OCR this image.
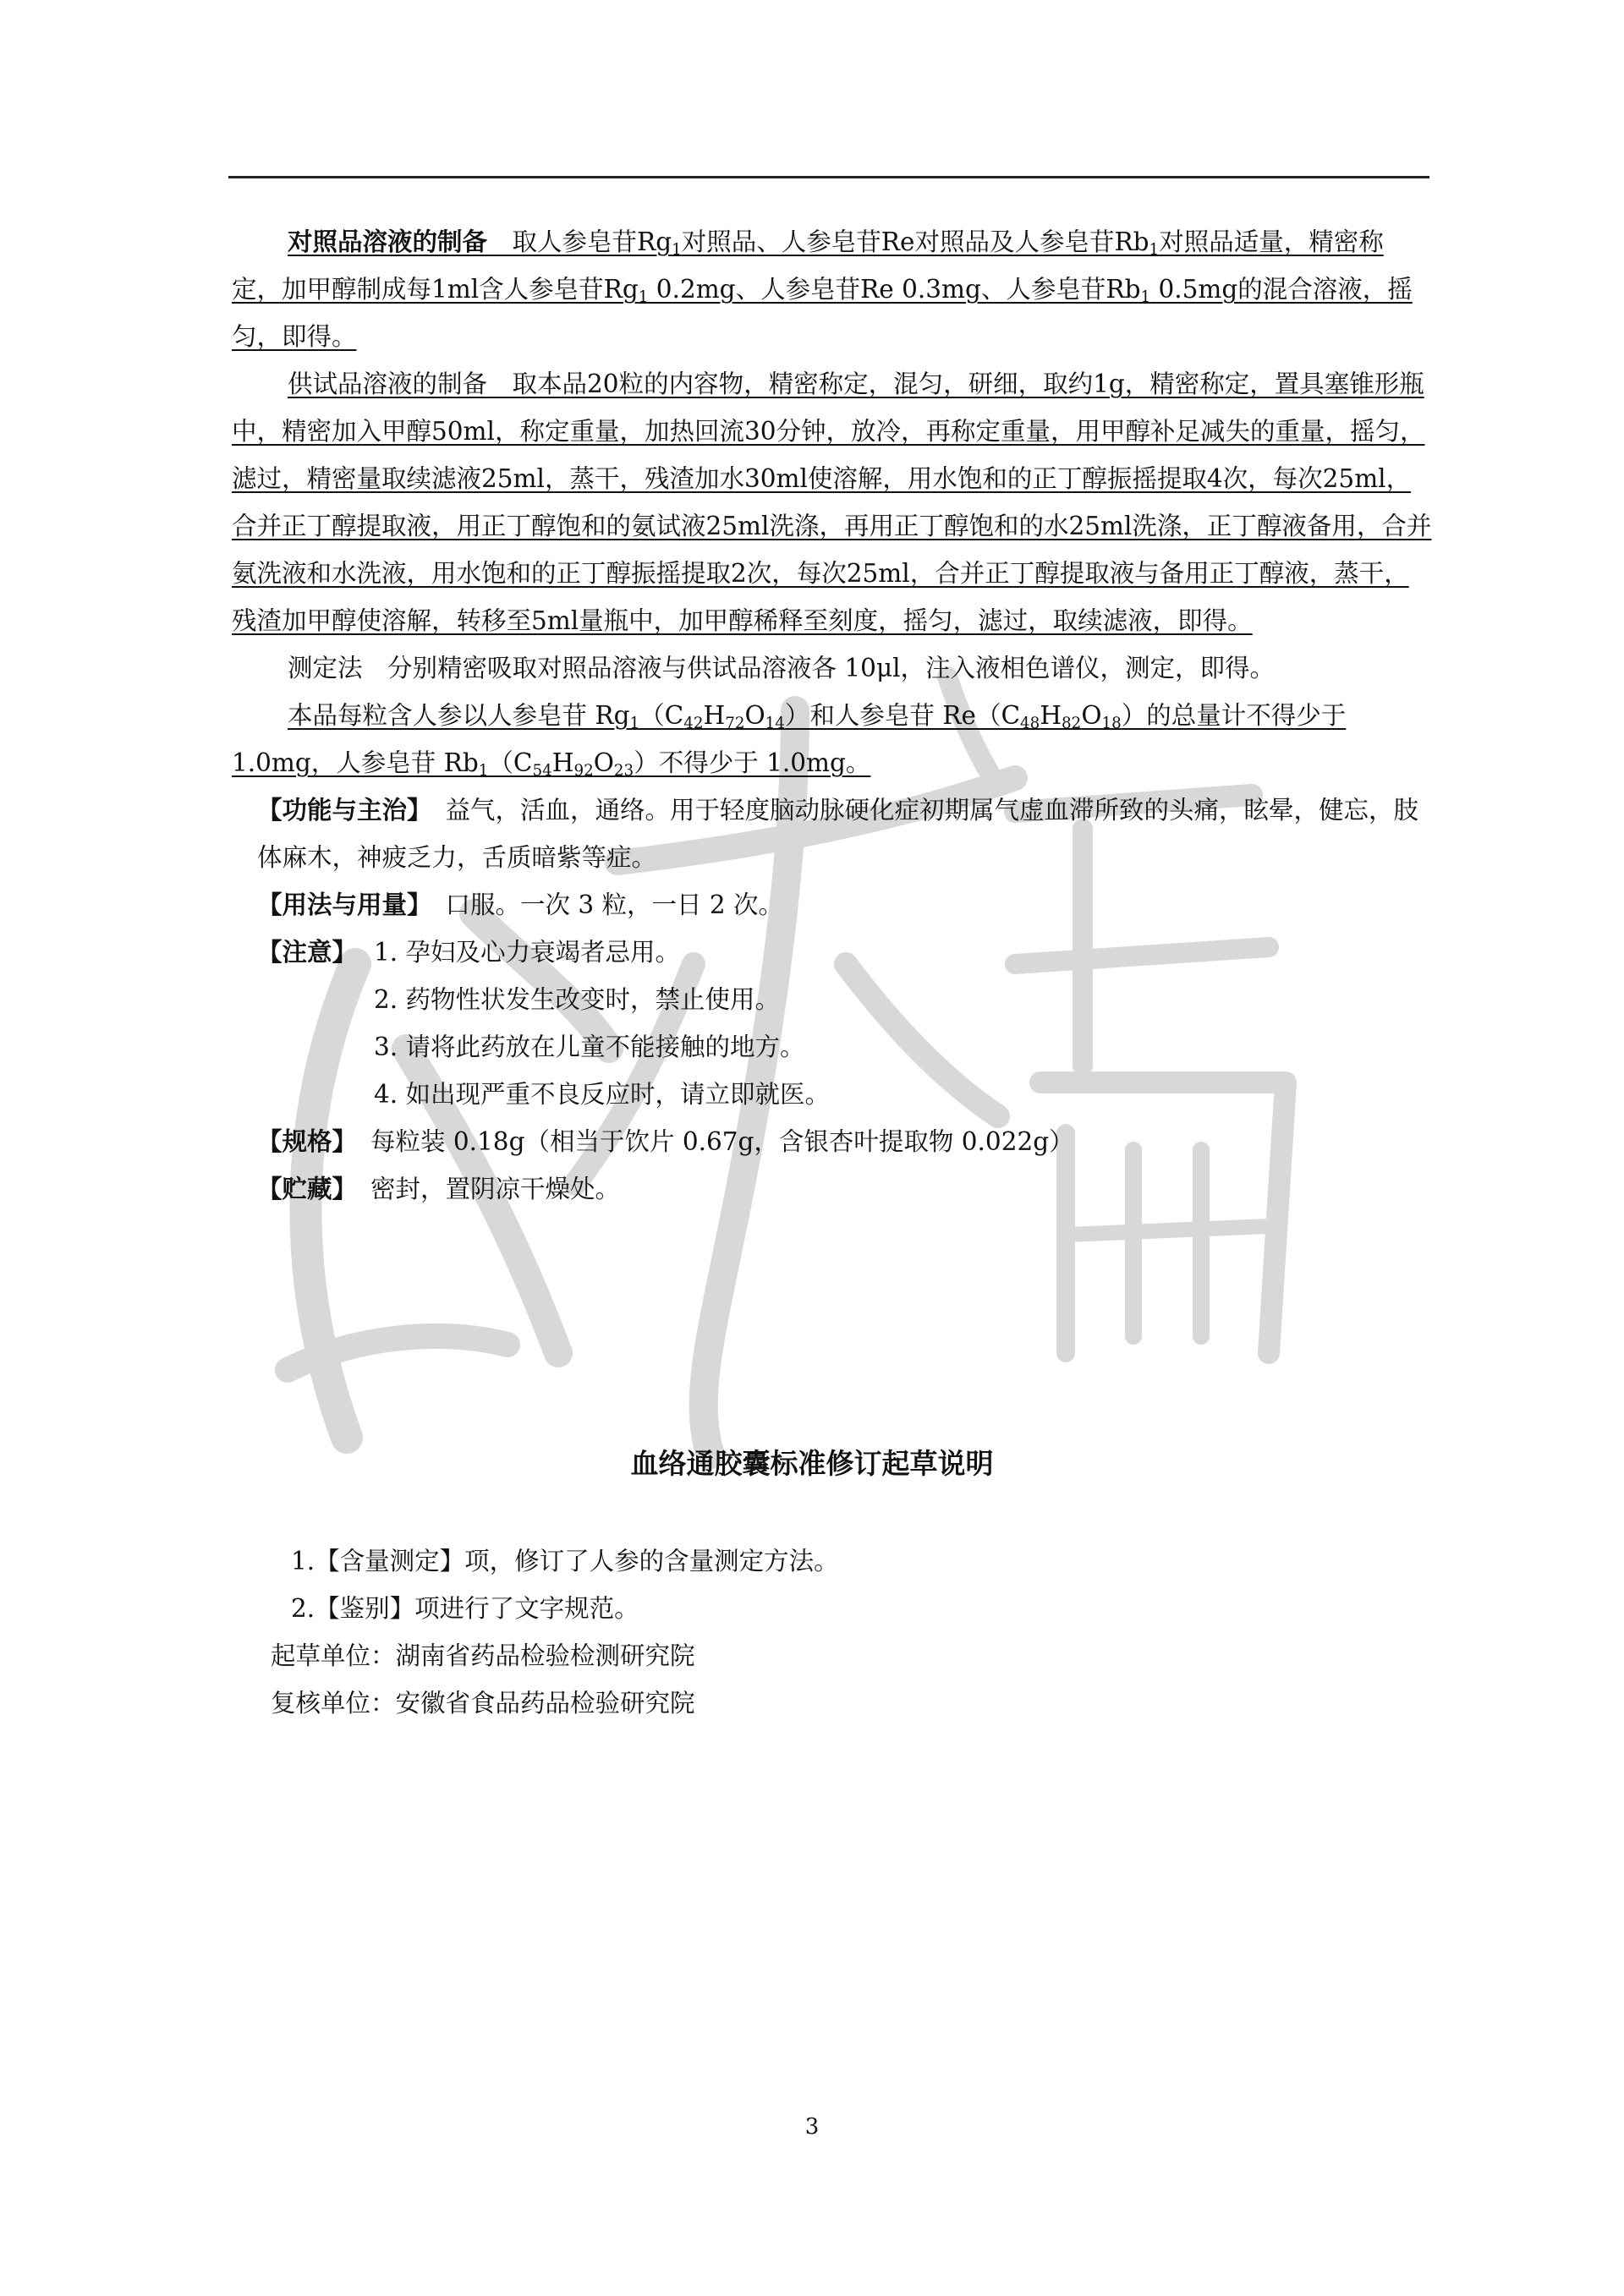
对照品溶液的制备　 取人参皂苷$Rg_1$对照品、人参皂苷Re对照品及人参皂苷$Rb_1$对照品适量，精密称定，加甲醇制成每1ml含人参皂苷$Rg_1$ 0.2mg、人参皂苷Re 0.3mg、人参皂苷$Rb_1$ 0.5mg的混合溶液，摇匀，即得。

供试品溶液的制备　 取本品20粒的内容物，精密称定，混匀，研细，取约1g，精密称定，置具塞锥形瓶中，精密加入甲醇50ml，称定重量，加热回流30分钟，放冷，再称定重量，用甲醇补足减失的重量，摇匀，滤过，精密量取续滤液25ml，蒸干，残渣加水30ml使溶解，用水饱和的正丁醇振摇提取4次，每次25ml，合并正丁醇提取液，用正丁醇饱和的氨试液25ml洗涤，再用正丁醇饱和的水25ml洗涤，正丁醇液备用，合并氨洗液和水洗液，用水饱和的正丁醇振摇提取2次，每次25ml，合并正丁醇提取液与备用正丁醇液，蒸干，残渣加甲醇使溶解，转移至5ml量瓶中，加甲醇稀释至刻度，摇匀，滤过，取续滤液，即得。

测定法　 分别精密吸取对照品溶液与供试品溶液各 10μl，注入液相色谱仪，测定，即得。

本品每粒含人参以人参皂苷 $Rg_1(C_{42}H_{72}O_{14})$和人参皂苷 $Re(C_{48}H_{82}O_{18})$的总量计不得少于1.0mg，人参皂苷 $Rb_1(C_{54}H_{92}O_{23})$不得少于 1.0mg。

【功能与主治】 益气，活血，通络。用于轻度脑动脉硬化症初期属气虚血滞所致的头痛，眩晕，健忘，肢体麻木，神疲乏力，舌质暗紫等症。

【用法与用量】 口服。一次 3 粒，一日 2 次。

【注意】 1. 孕妇及心力衰竭者忌用。

2. 药物性状发生改变时，禁止使用。

3. 请将此药放在儿童不能接触的地方。

4. 如出现严重不良反应时，请立即就医。

【规格】 每粒装 0.18g（相当于饮片 0.67g，含银杏叶提取物 0.022g）

【贮藏】 密封，置阴凉干燥处。

血络通胶囊标准修订起草说明

1.【含量测定】项，修订了人参的含量测定方法。

2.【鉴别】项进行了文字规范。

起草单位：湖南省药品检验检测研究院

复核单位：安徽省食品药品检验研究院

3
